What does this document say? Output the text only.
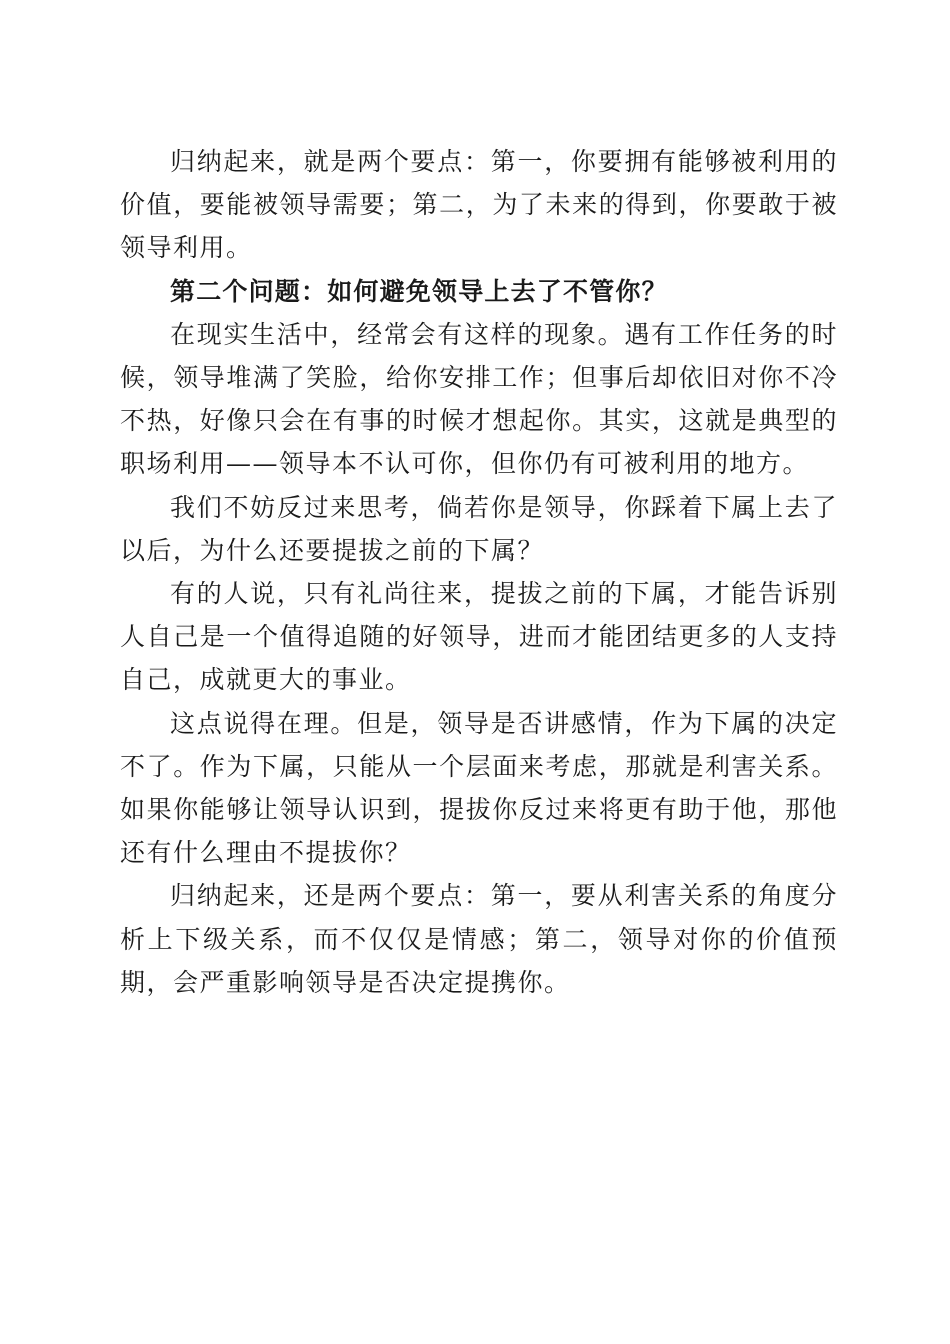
归纳起来，就是两个要点：第一，你要拥有能够被利用的价值，要能被领导需要；第二，为了未来的得到，你要敢于被领导利用。

第二个问题：如何避免领导上去了不管你？

在现实生活中，经常会有这样的现象。遇有工作任务的时候，领导堆满了笑脸，给你安排工作；但事后却依旧对你不冷不热，好像只会在有事的时候才想起你。其实，这就是典型的职场利用——领导本不认可你，但你仍有可被利用的地方。

我们不妨反过来思考，倘若你是领导，你踩着下属上去了以后，为什么还要提拔之前的下属？

有的人说，只有礼尚往来，提拔之前的下属，才能告诉别人自己是一个值得追随的好领导，进而才能团结更多的人支持自己，成就更大的事业。

这点说得在理。但是，领导是否讲感情，作为下属的决定不了。作为下属，只能从一个层面来考虑，那就是利害关系。如果你能够让领导认识到，提拔你反过来将更有助于他，那他还有什么理由不提拔你？

归纳起来，还是两个要点：第一，要从利害关系的角度分析上下级关系，而不仅仅是情感；第二，领导对你的价值预期，会严重影响领导是否决定提携你。
